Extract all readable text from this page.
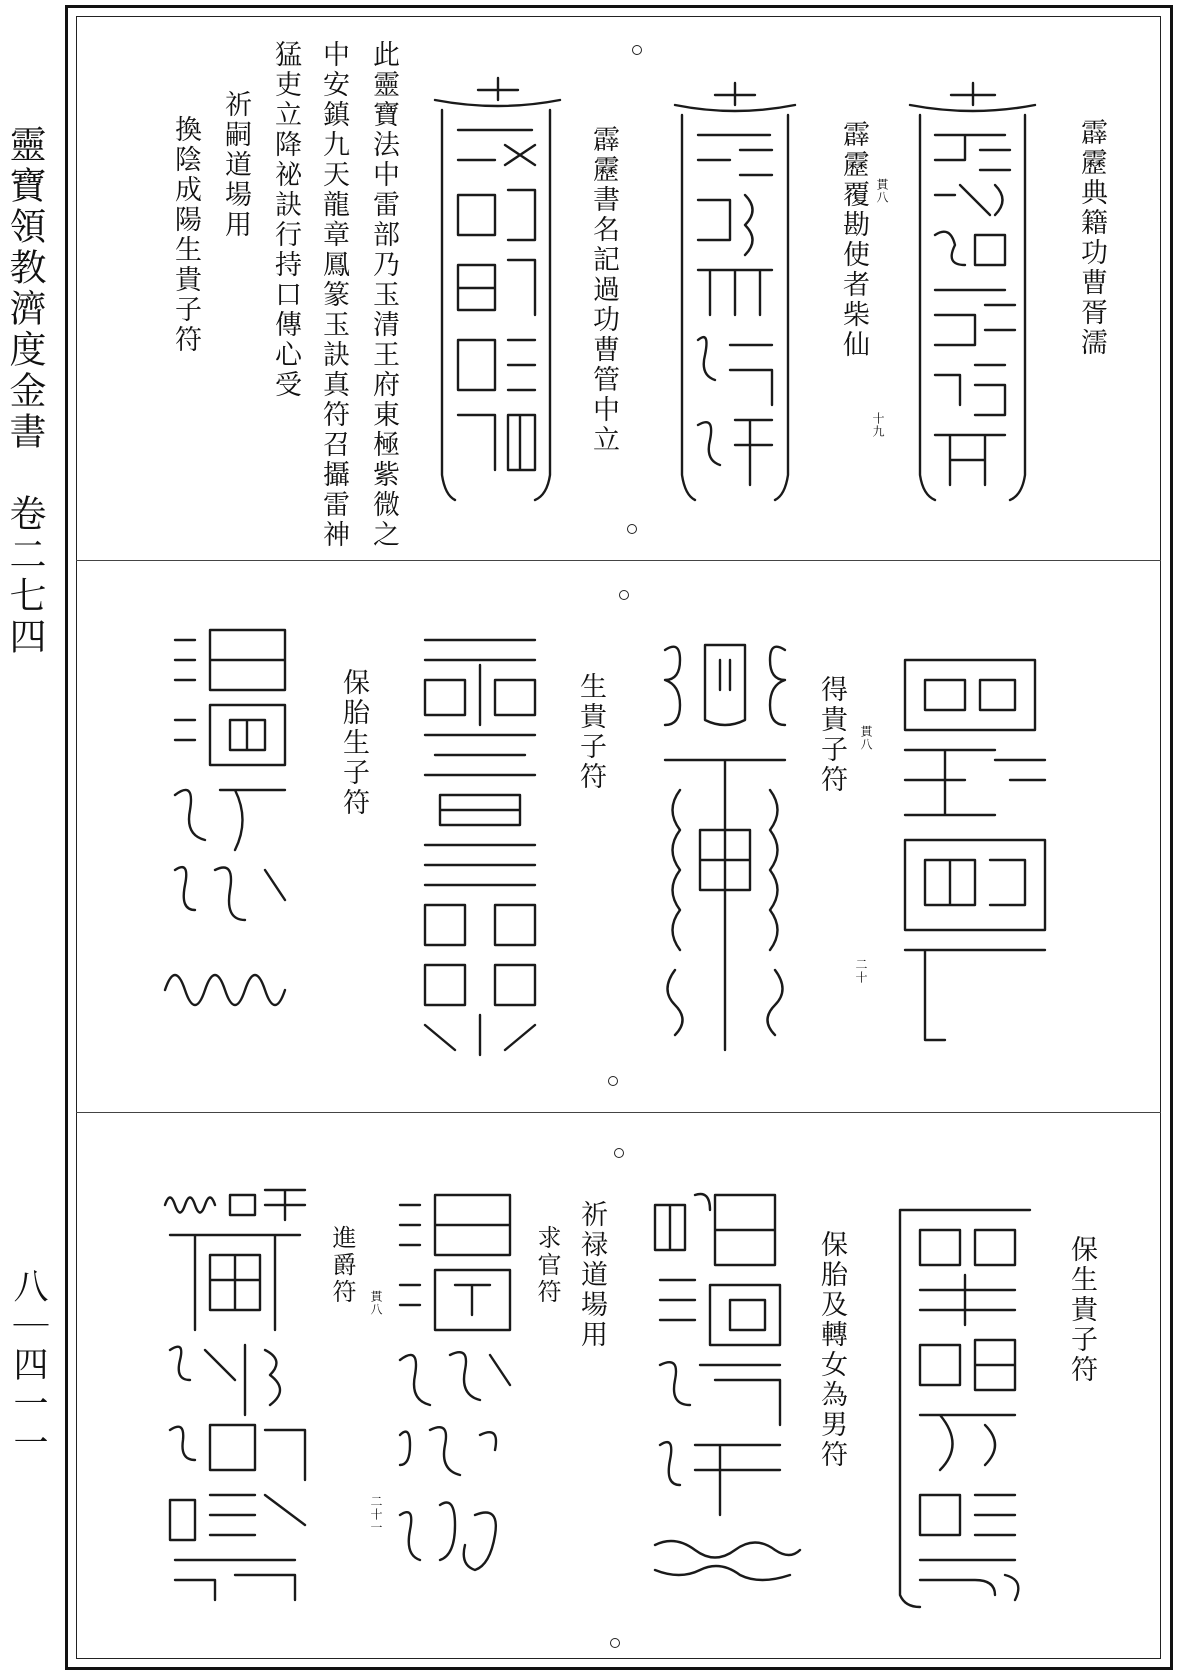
靈寶領教濟度金書　卷二七四
八｜四一一
霹靂典籍功曹胥濡
霹靂覆勘使者柴仙 貫八
十九
霹靂書名記過功曹管中立
此靈寶法中雷部乃玉清王府東極紫微之
中安鎮九天龍章鳳篆玉訣真符召攝雷神
猛吏立降祕訣行持口傳心受
祈嗣道場用
換陰成陽生貴子符
得貴子符 貫八
二十
生貴子符
保胎生子符
保生貴子符
保胎及轉女為男符
祈禄道場用
求官符
貫八
二十一
進爵符
